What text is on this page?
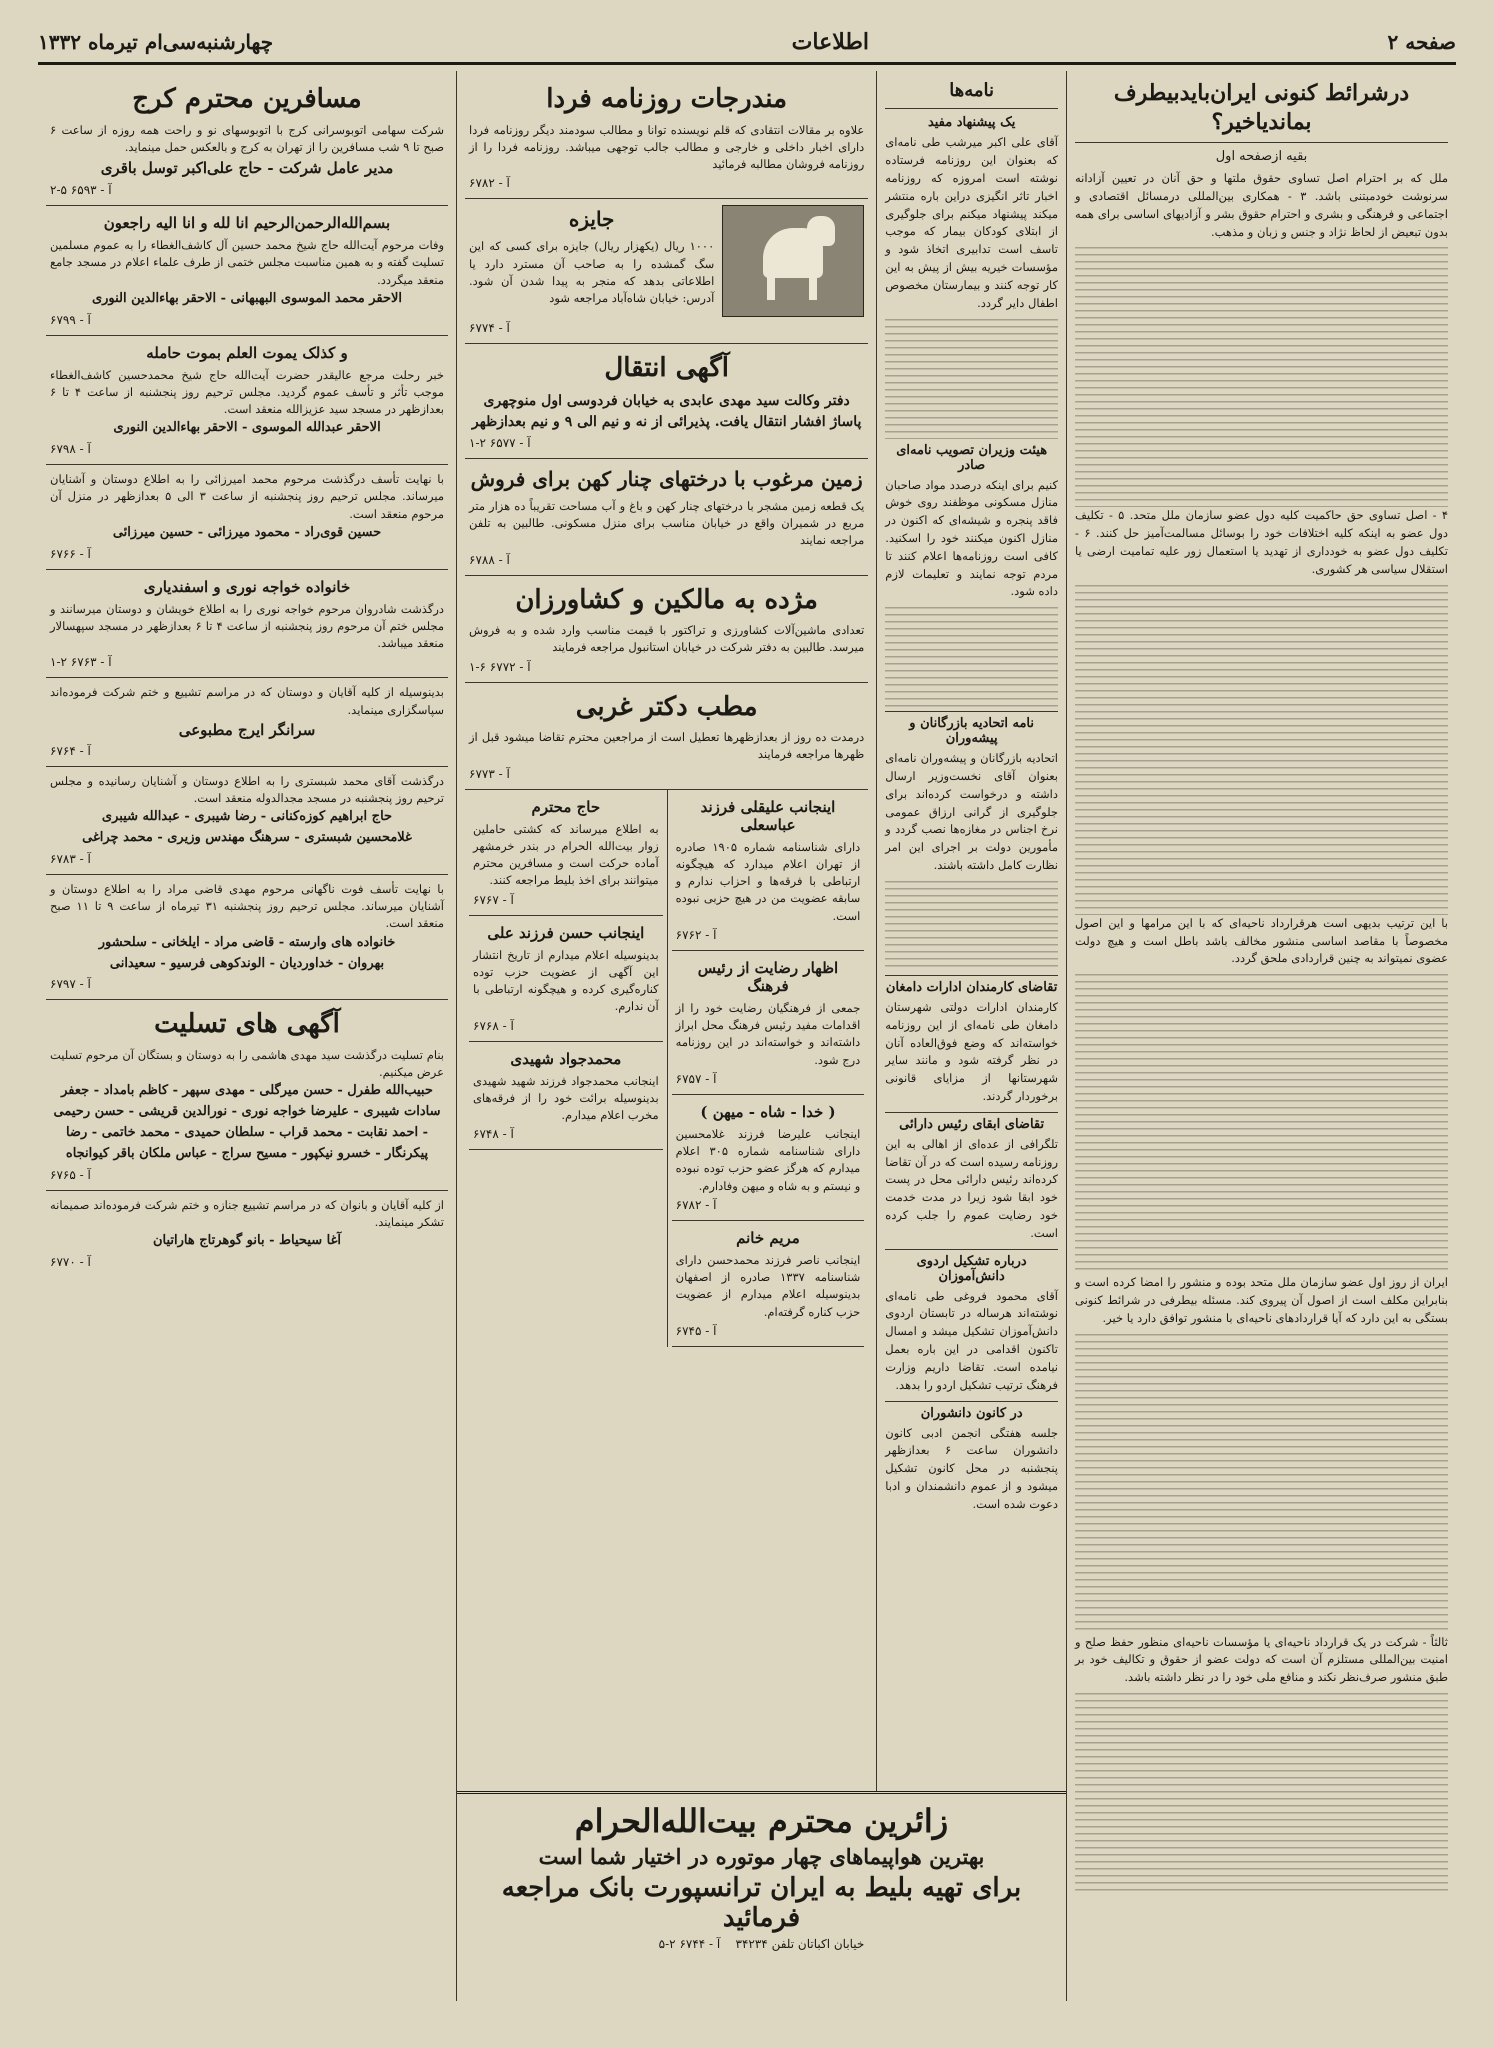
صفحه ۲
اطلاعات
چهارشنبه‌سی‌ام تیرماه ۱۳۳۲
درشرائط کنونی ایران‌بایدبیطرف بماندیاخیر؟
بقیه ازصفحه اول

ملل که بر احترام اصل تساوی حقوق ملتها و حق آنان در تعیین آزادانه سرنوشت خودمبتنی باشد. ۳ - همکاری بین‌المللی درمسائل اقتصادی و اجتماعی و فرهنگی و بشری و احترام حقوق بشر و آزادیهای اساسی برای همه بدون تبعیض از لحاظ نژاد و جنس و زبان و مذهب.

۴ - اصل تساوی حق حاکمیت کلیه دول عضو سازمان ملل متحد. ۵ - تکلیف دول عضو به اینکه کلیه اختلافات خود را بوسائل مسالمت‌آمیز حل کنند. ۶ - تکلیف دول عضو به خودداری از تهدید یا استعمال زور علیه تمامیت ارضی یا استقلال سیاسی هر کشوری.

با این ترتیب بدیهی است هرقرارداد ناحیه‌ای که با این مرامها و این اصول مخصوصاً با مقاصد اساسی منشور مخالف باشد باطل است و هیچ دولت عضوی نمیتواند به چنین قراردادی ملحق گردد.

ایران از روز اول عضو سازمان ملل متحد بوده و منشور را امضا کرده است و بنابراین مکلف است از اصول آن پیروی کند. مسئله بیطرفی در شرائط کنونی بستگی به این دارد که آیا قراردادهای ناحیه‌ای با منشور توافق دارد یا خیر.

ثالثاً - شرکت در یک قرارداد ناحیه‌ای یا مؤسسات ناحیه‌ای منظور حفظ صلح و امنیت بین‌المللی مستلزم آن است که دولت عضو از حقوق و تکالیف خود بر طبق منشور صرف‌نظر نکند و منافع ملی خود را در نظر داشته باشد.

نامه‌ها
یک پیشنهاد مفید

آقای علی اکبر میرشب طی نامه‌ای که بعنوان این روزنامه فرستاده نوشته است امروزه که روزنامه اخبار تاثر انگیزی دراین باره منتشر میکند پیشنهاد میکنم برای جلوگیری از ابتلای کودکان بیمار که موجب تاسف است تدابیری اتخاذ شود و مؤسسات خیریه بیش از پیش به این کار توجه کنند و بیمارستان مخصوص اطفال دایر گردد.

هیئت وزیران تصویب نامه‌ای صادر

کنیم برای اینکه درصدد مواد صاحبان منازل مسکونی موظفند روی خوش فاقد پنجره و شیشه‌ای که اکنون در منازل اکنون میکنند خود را اسکنید. کافی است روزنامه‌ها اعلام کنند تا مردم توجه نمایند و تعلیمات لازم داده شود.

نامه اتحادیه بازرگانان و پیشه‌وران

اتحادیه بازرگانان و پیشه‌وران نامه‌ای بعنوان آقای نخست‌وزیر ارسال داشته و درخواست کرده‌اند برای جلوگیری از گرانی ارزاق عمومی نرخ اجناس در مغازه‌ها نصب گردد و مأمورین دولت بر اجرای این امر نظارت کامل داشته باشند.

تقاضای کارمندان ادارات دامغان

کارمندان ادارات دولتی شهرستان دامغان طی نامه‌ای از این روزنامه خواسته‌اند که وضع فوق‌العاده آنان در نظر گرفته شود و مانند سایر شهرستانها از مزایای قانونی برخوردار گردند.

تقاضای ابقای رئیس دارائی

تلگرافی از عده‌ای از اهالی به این روزنامه رسیده است که در آن تقاضا کرده‌اند رئیس دارائی محل در پست خود ابقا شود زیرا در مدت خدمت خود رضایت عموم را جلب کرده است.

درباره تشکیل اردوی دانش‌آموزان

آقای محمود فروغی طی نامه‌ای نوشته‌اند هرساله در تابستان اردوی دانش‌آموزان تشکیل میشد و امسال تاکنون اقدامی در این باره بعمل نیامده است. تقاضا داریم وزارت فرهنگ ترتیب تشکیل اردو را بدهد.

در کانون دانشوران

جلسه هفتگی انجمن ادبی کانون دانشوران ساعت ۶ بعدازظهر پنجشنبه در محل کانون تشکیل میشود و از عموم دانشمندان و ادبا دعوت شده است.

مندرجات روزنامه فردا
علاوه بر مقالات انتقادی که قلم نویسنده توانا و مطالب سودمند دیگر روزنامه فردا دارای اخبار داخلی و خارجی و مطالب جالب توجهی میباشد. روزنامه فردا را از روزنامه فروشان مطالبه فرمائید
آ - ۶۷۸۲
جایزه
۱۰۰۰ ریال (یکهزار ریال) جایزه برای کسی که این سگ گمشده را به صاحب آن مسترد دارد یا اطلاعاتی بدهد که منجر به پیدا شدن آن شود. آدرس: خیابان شاه‌آباد مراجعه شود
آ - ۶۷۷۴
آگهی انتقال
دفتر وکالت سید مهدی عابدی به خیابان فردوسی اول منوچهری پاساژ افشار انتقال یافت. پذیرائی از نه و نیم الی ۹ و نیم بعدازظهر
آ - ۶۵۷۷ ۲-۱
زمین مرغوب با درختهای چنار کهن برای فروش
یک قطعه زمین مشجر با درختهای چنار کهن و باغ و آب مساحت تقریباً ده هزار متر مربع در شمیران واقع در خیابان مناسب برای منزل مسکونی. طالبین به تلفن مراجعه نمایند
آ - ۶۷۸۸
مژده به مالکین و کشاورزان
تعدادی ماشین‌آلات کشاورزی و تراکتور با قیمت مناسب وارد شده و به فروش میرسد. طالبین به دفتر شرکت در خیابان استانبول مراجعه فرمایند
آ - ۶۷۷۲ ۶-۱
مطب دکتر غربی
درمدت ده روز از بعدازظهرها تعطیل است از مراجعین محترم تقاضا میشود قبل از ظهرها مراجعه فرمایند
آ - ۶۷۷۳
اینجانب علیقلی فرزند عباسعلی
دارای شناسنامه شماره ۱۹۰۵ صادره از تهران اعلام میدارد که هیچگونه ارتباطی با فرقه‌ها و احزاب ندارم و سابقه عضویت من در هیچ حزبی نبوده است.
آ - ۶۷۶۲
اظهار رضایت از رئیس فرهنگ
جمعی از فرهنگیان رضایت خود را از اقدامات مفید رئیس فرهنگ محل ابراز داشته‌اند و خواسته‌اند در این روزنامه درج شود.
آ - ۶۷۵۷
( خدا - شاه - میهن )
اینجانب علیرضا فرزند غلامحسین دارای شناسنامه شماره ۳۰۵ اعلام میدارم که هرگز عضو حزب توده نبوده و نیستم و به شاه و میهن وفادارم.
آ - ۶۷۸۲
مریم خانم
اینجانب ناصر فرزند محمدحسن دارای شناسنامه ۱۳۳۷ صادره از اصفهان بدینوسیله اعلام میدارم از عضویت حزب کناره گرفته‌ام.
آ - ۶۷۴۵
حاج محترم
به اطلاع میرساند که کشتی حاملین زوار بیت‌الله الحرام در بندر خرمشهر آماده حرکت است و مسافرین محترم میتوانند برای اخذ بلیط مراجعه کنند.
آ - ۶۷۶۷
اینجانب حسن فرزند علی
بدینوسیله اعلام میدارم از تاریخ انتشار این آگهی از عضویت حزب توده کناره‌گیری کرده و هیچگونه ارتباطی با آن ندارم.
آ - ۶۷۶۸
محمدجواد شهیدی
اینجانب محمدجواد فرزند شهید شهیدی بدینوسیله برائت خود را از فرقه‌های مخرب اعلام میدارم.
آ - ۶۷۴۸
زائرین محترم بیت‌الله‌الحرام
بهترین هواپیماهای چهار موتوره در اختیار شما است
برای تهیه بلیط به ایران ترانسپورت بانک مراجعه فرمائید
خیابان اکباتان تلفن ۳۴۲۳۴    آ - ۶۷۴۴ ۲-۵
مسافرین محترم کرج
شرکت سهامی اتوبوسرانی کرج با اتوبوسهای نو و راحت همه روزه از ساعت ۶ صبح تا ۹ شب مسافرین را از تهران به کرج و بالعکس حمل مینماید.
مدیر عامل شرکت - حاج علی‌اکبر توسل باقری
آ - ۶۵۹۳ ۵-۲
بسم‌الله‌الرحمن‌الرحیم انا لله و انا الیه راجعون
وفات مرحوم آیت‌الله حاج شیخ محمد حسین آل کاشف‌الغطاء را به عموم مسلمین تسلیت گفته و به همین مناسبت مجلس ختمی از طرف علماء اعلام در مسجد جامع منعقد میگردد.
الاحقر محمد الموسوی البهبهانی - الاحقر بهاءالدین النوری
آ - ۶۷۹۹
و کذلک یموت العلم بموت حامله
خبر رحلت مرجع عالیقدر حضرت آیت‌الله حاج شیخ محمدحسین کاشف‌الغطاء موجب تأثر و تأسف عموم گردید. مجلس ترحیم روز پنجشنبه از ساعت ۴ تا ۶ بعدازظهر در مسجد سید عزیزالله منعقد است.
الاحقر عبدالله الموسوی - الاحقر بهاءالدین النوری
آ - ۶۷۹۸
با نهایت تأسف درگذشت مرحوم محمد امیرزائی را به اطلاع دوستان و آشنایان میرساند. مجلس ترحیم روز پنجشنبه از ساعت ۳ الی ۵ بعدازظهر در منزل آن مرحوم منعقد است.
حسین قوی‌راد - محمود میرزائی - حسین میرزائی
آ - ۶۷۶۶
خانواده خواجه نوری و اسفندیاری
درگذشت شادروان مرحوم خواجه نوری را به اطلاع خویشان و دوستان میرسانند و مجلس ختم آن مرحوم روز پنجشنبه از ساعت ۴ تا ۶ بعدازظهر در مسجد سپهسالار منعقد میباشد.
آ - ۶۷۶۳ ۲-۱
بدینوسیله از کلیه آقایان و دوستان که در مراسم تشییع و ختم شرکت فرموده‌اند سپاسگزاری مینماید.
سرانگر ایرج مطبوعی
آ - ۶۷۶۴
درگذشت آقای محمد شبستری را به اطلاع دوستان و آشنایان رسانیده و مجلس ترحیم روز پنجشنبه در مسجد مجدالدوله منعقد است.
حاج ابراهیم کوزه‌کنانی - رضا شیبری - عبدالله شیبری
غلامحسین شبستری - سرهنگ مهندس وزیری - محمد چراغی
آ - ۶۷۸۳
با نهایت تأسف فوت ناگهانی مرحوم مهدی قاضی مراد را به اطلاع دوستان و آشنایان میرساند. مجلس ترحیم روز پنجشنبه ۳۱ تیرماه از ساعت ۹ تا ۱۱ صبح منعقد است.
خانواده های وارسته - قاضی مراد - ایلخانی - سلحشور
بهروان - خداوردیان - الوندکوهی فرسیو - سعیدانی
آ - ۶۷۹۷
آگهی های تسلیت
بنام تسلیت درگذشت سید مهدی هاشمی را به دوستان و بستگان آن مرحوم تسلیت عرض میکنیم.
حبیب‌الله طفرل - حسن میرگلی - مهدی سپهر - کاظم بامداد - جعفر سادات شیبری - علیرضا خواجه نوری - نورالدین قریشی - حسن رحیمی - احمد نقابت - محمد قراب - سلطان حمیدی - محمد خاتمی - رضا پیکرنگار - خسرو نیکپور - مسیح سراج - عباس ملکان باقر کیوانجاه
آ - ۶۷۶۵
از کلیه آقایان و بانوان که در مراسم تشییع جنازه و ختم شرکت فرموده‌اند صمیمانه تشکر مینمایند.
آغا سیحیاط - بانو گوهرتاج هاراتیان
آ - ۶۷۷۰
